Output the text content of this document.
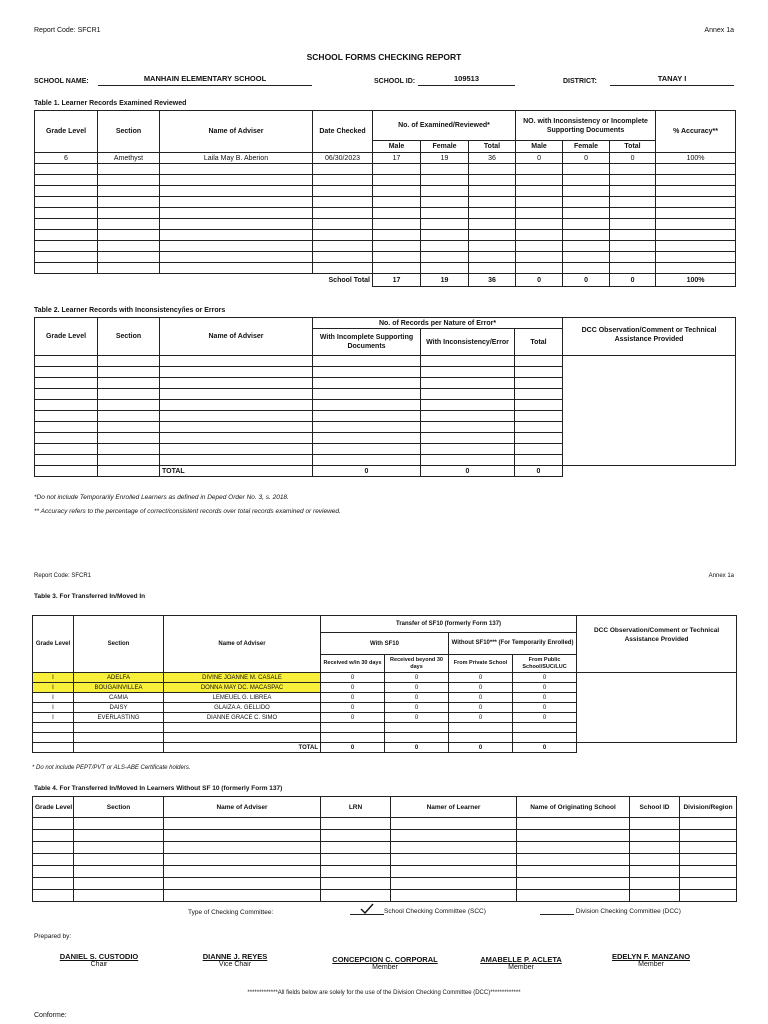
Report Code: SFCR1	Annex 1a
SCHOOL FORMS CHECKING REPORT
SCHOOL NAME:	MANHAIN ELEMENTARY SCHOOL	SCHOOL ID:	109513	DISTRICT:	TANAY I
Table 1. Learner Records Examined Reviewed
Grade Level	Section	Name of Adviser	Date Checked	No. of Examined/Reviewed*			NO. with Inconsistency or Incomplete Supporting Documents			% Accuracy**
				Male	Female	Total	Male	Female	Total	
6	Amethyst	Laila May B. Aberion	06/30/2023	17	19	36	0	0	0	100%

School Total				17	19	36	0	0	0	100%
Table 2. Learner Records with Inconsistency/ies or Errors
Grade Level	Section	Name of Adviser	No. of Records per Nature of Error*			DCC Observation/Comment or Technical Assistance Provided
			With Incomplete Supporting Documents	With Inconsistency/Error	Total	

		TOTAL	0	0	0	
*Do not include Temporarily Enrolled Learners as defined in Deped Order No. 3, s. 2018.
** Accuracy refers to the percentage of correct/consistent records over total records examined or reviewed.
Report Code: SFCR1	Annex 1a
Table 3. For Transferred In/Moved In
Grade Level	Section	Name of Adviser	Transfer of SF10 (formerly Form 137)				DCC Observation/Comment or Technical Assistance Provided
			With SF10		Without SF10*** (For Temporarily Enrolled)		
			Received w/in 30 days	Received beyond 30 days	From Private School	From Public School/SUC/LUC	
I	ADELFA	DIVINE JOANNE M. CASALE	0	0	0	0	
I	BOUGAINVILLEA	DONNA MAY DC. MACASPAC	0	0	0	0	
I	CAMIA	LEMEUEL G. LIBREA	0	0	0	0	
I	DAISY	GLAIZA A. GELLIDO	0	0	0	0	
I	EVERLASTING	DIANNE GRACE C. SIMO	0	0	0	0	

		TOTAL	0	0	0	0	
* Do not include PEPT/PVT or ALS-ABE Certificate holders.
Table 4. For Transferred In/Moved In Learners Without SF 10 (formerly Form 137)
Grade Level	Section	Name of Adviser	LRN	Namer of Learner	Name of Originating School	School ID	Division/Region

Type of Checking Committee:	School Checking Committee (SCC)	Division Checking Committee (DCC)
Prepared by:
DANIEL S. CUSTODIO
Chair
DIANNE J. REYES
Vice Chair
CONCEPCION C. CORPORAL
Member
AMABELLE P. ACLETA
Member
EDELYN F. MANZANO
Member
*************All fields below are solely for the use of the Division Checking Committee (DCC)*************
Conforme:
